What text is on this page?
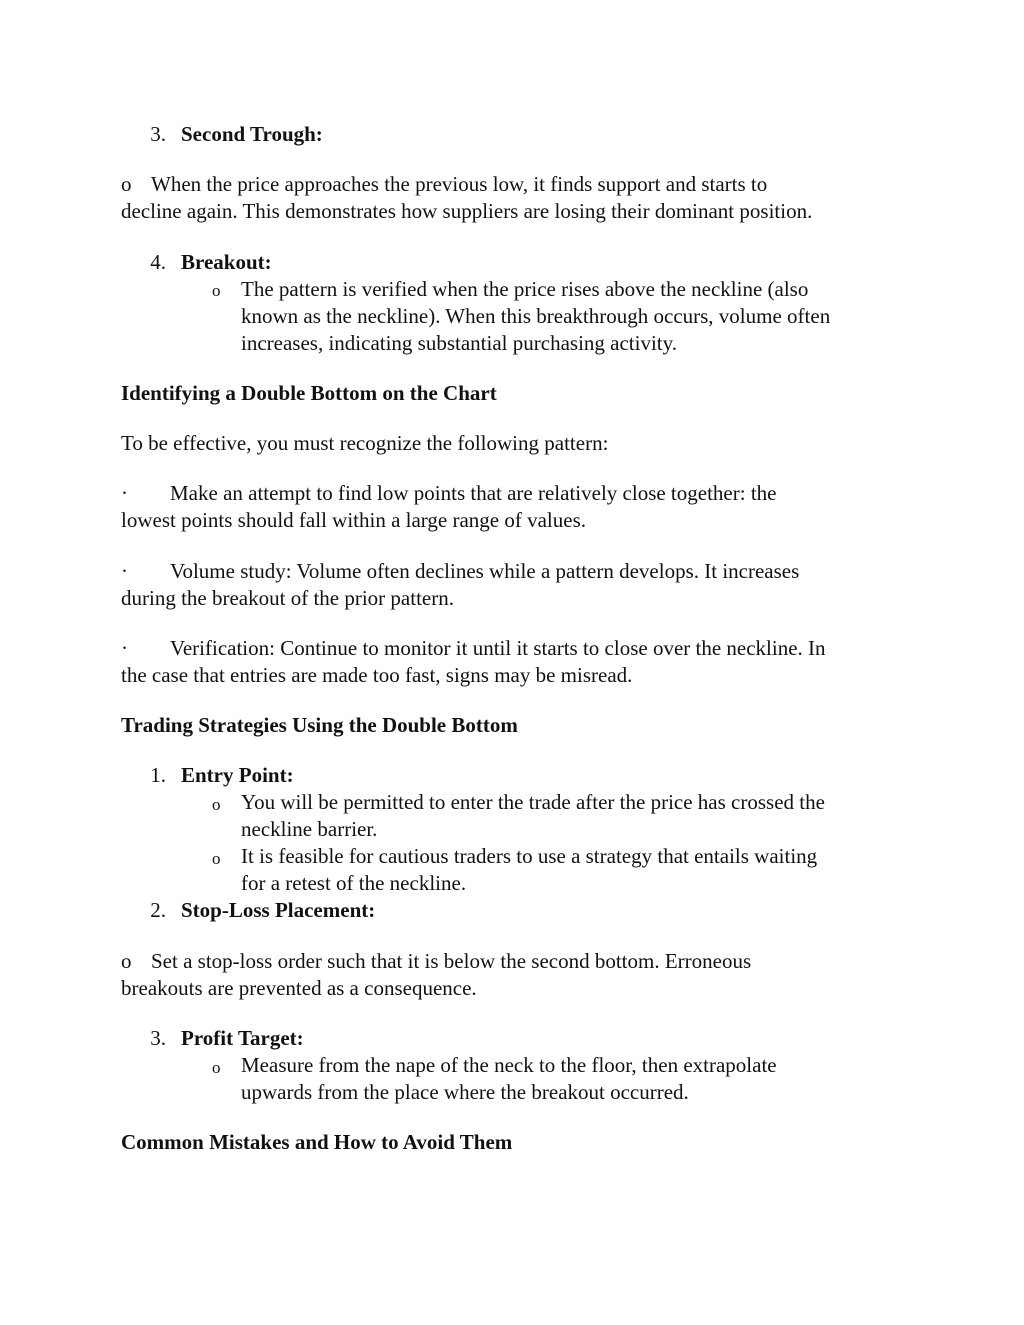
3. Second Trough:
o When the price approaches the previous low, it finds support and starts to
decline again. This demonstrates how suppliers are losing their dominant position.
4. Breakout:
o The pattern is verified when the price rises above the neckline (also
known as the neckline). When this breakthrough occurs, volume often
increases, indicating substantial purchasing activity.
Identifying a Double Bottom on the Chart
To be effective, you must recognize the following pattern:
· Make an attempt to find low points that are relatively close together: the
lowest points should fall within a large range of values.
· Volume study: Volume often declines while a pattern develops. It increases
during the breakout of the prior pattern.
· Verification: Continue to monitor it until it starts to close over the neckline. In
the case that entries are made too fast, signs may be misread.
Trading Strategies Using the Double Bottom
1. Entry Point:
o You will be permitted to enter the trade after the price has crossed the
neckline barrier.
o It is feasible for cautious traders to use a strategy that entails waiting
for a retest of the neckline.
2. Stop-Loss Placement:
o Set a stop-loss order such that it is below the second bottom. Erroneous
breakouts are prevented as a consequence.
3. Profit Target:
o Measure from the nape of the neck to the floor, then extrapolate
upwards from the place where the breakout occurred.
Common Mistakes and How to Avoid Them
